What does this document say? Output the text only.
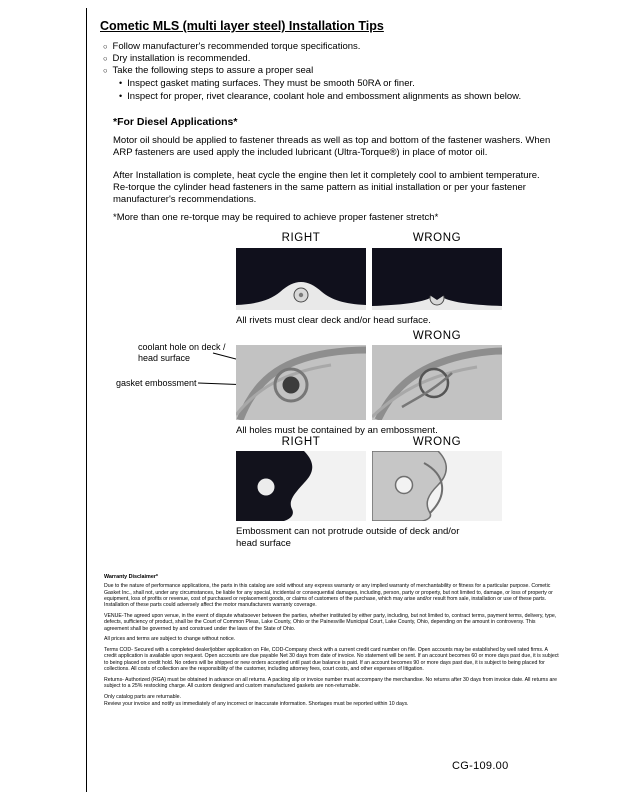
Cometic MLS (multi layer steel) Installation Tips
○ Follow manufacturer's recommended torque specifications.
○ Dry installation is recommended.
○ Take the following steps to assure a proper seal
• Inspect gasket mating surfaces. They must be smooth 50RA or finer.
• Inspect for proper, rivet clearance, coolant hole and embossment alignments as shown below.
*For Diesel Applications*

Motor oil should be applied to fastener threads as well as top and bottom of the fastener washers. When ARP fasteners are used apply the included lubricant (Ultra-Torque®) in place of motor oil.

After Installation is complete, heat cycle the engine then let it completely cool to ambient temperature. Re-torque the cylinder head fasteners in the same pattern as initial installation or per your fastener manufacturer's recommendations.

*More than one re-torque may be required to achieve proper fastener stretch*

RIGHT	WRONG
All rivets must clear deck and/or head surface.
WRONG
coolant hole on deck / head surface
gasket embossment
All holes must be contained by an embossment.
RIGHT	WRONG
Embossment can not protrude outside of deck and/or head surface
Warranty Disclaimer*

Due to the nature of performance applications, the parts in this catalog are sold without any express warranty or any implied warranty of merchantability or fitness for a particular purpose. Cometic Gasket Inc., shall not, under any circumstances, be liable for any special, incidental or consequential damages, including, person, party or property, but not limited to, damage, or loss of property or equipment, loss of profits or revenue, cost of purchased or replacement goods, or claims of customers of the purchase, which may arise and/or result from sale, installation or use of these parts. Installation of these parts could adversely affect the motor manufacturers warranty coverage.

VENUE-The agreed upon venue, in the event of dispute whatsoever between the parties, whether instituted by either party, including, but not limited to, contract terms, payment terms, delivery, type, defects, sufficiency of product, shall be the Court of Common Pleas, Lake County, Ohio or the Painesville Municipal Court, Lake County, Ohio, depending on the amount in controversy. This agreement shall be governed by and construed under the laws of the State of Ohio.

All prices and terms are subject to change without notice.

Terms COD- Secured with a completed dealer/jobber application on File, COD-Company check with a current credit card number on file. Open accounts may be established by well rated firms. A credit application is available upon request. Open accounts are due payable Net 30 days from date of invoice. No statement will be sent. If an account becomes 60 or more days past due, it is subject to being placed on credit hold. No orders will be shipped or new orders accepted until past due balance is paid. If an account becomes 90 or more days past due, it is subject to being placed for collections. All costs of collection are the responsibility of the customer, including attorney fees, court costs, and other expenses of litigation.

Returns- Authorized (RGA) must be obtained in advance on all returns. A packing slip or invoice number must accompany the merchandise. No returns after 30 days from invoice date. All returns are subject to a 25% restocking charge. All custom designed and custom manufactured gaskets are non-returnable.

Only catalog parts are returnable.

Review your invoice and notify us immediately of any incorrect or inaccurate information. Shortages must be reported within 10 days.

CG-109.00
